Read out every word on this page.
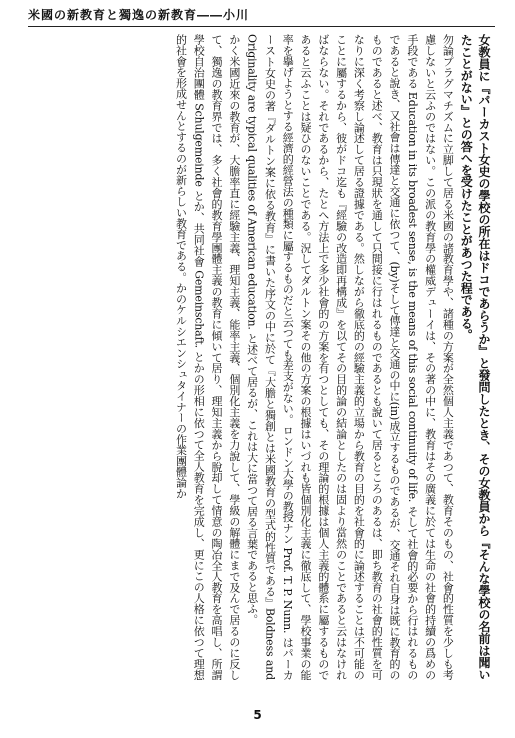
米國の新教育と獨逸の新教育――小川

女教員に『パーカスト女史の學校の所在はドコであらうか』と發問したとき、その女教員から『そんな學校の名前は聞いたことがない』との答へを受けたことがあつた程である。

勿論プラグマチズムに立脚して居る米國の諸教育學や、諸種の方案が全然個人主義であつて、教育そのもの、社會的性質を少しも考慮しないと云ふのではない。この派の教育學の權威デューイは、その著の中に、教育はその廣義に於ては生命の社會的持續の爲めの手段である Education in its broadest sense, is the means of this social continuity of life. そして社會的必要から行はれるものであると說き、又社會は傳達と交通に依つて、(by)そして傳達と交通の中に(in)成立するものであるが、交通それ自身は既に教育的のものであると述べ、教育は只現狀を通して只間接に行はれるものであるとも說いて居るところのあるは、即ち教育の社會的性質を可なりに深く考察し論述して居る證據である。然しながら徹底的の經驗主義的立場から教育の目的を社會的に論述することは不可能のことに屬するから、彼がドコ迄も『經驗の改造即再構成』を以てその目的論の結論としたのは固より當然のことであると云はなければならない。それであるから、たとへ方法上で多少社會的の方案を有つとしても、その理論的根據は個人主義的體系に屬するものであると云ふことは疑ひのないことである。況してダルトン案その他の方案の根據はいづれも皆個別化主義に徹底して、學校事業の能率を擧げようとする經濟的經營法の種類に屬するものだと云つても差支がない。ロンドン大學の教授ナン Prof. T. P. Nunn. はパーカースト女史の著『ダルトン案に依る教育』に書いた序文の中に於て『大膽と獨創とは米國教育の型式的性質である』Boldness and Originality are typical qualities of American education. と述べて居るが、これは大に當つて居る言葉であると思ふ。

かく米國近來の教育が、大膽率直に經驗主義、理知主義、能率主義、個別化主義を力說して、學級の解體にまで及んで居るのに反して、獨逸の教育界では、多く社會的教育學團體主義の教育に傾いて居り、理知主義から脫却して情意の陶冶全人教育を高唱し、所謂學校自治團體 Schulgemeinde とか、共同社會 Gemeinschaft. とかの形相に依つて全人教育を完成し、更にこの人格に依つて理想的社會を形成せんとするのが新らしい教育である。かのケルシエンシュタイナーの作業團體論か

5
